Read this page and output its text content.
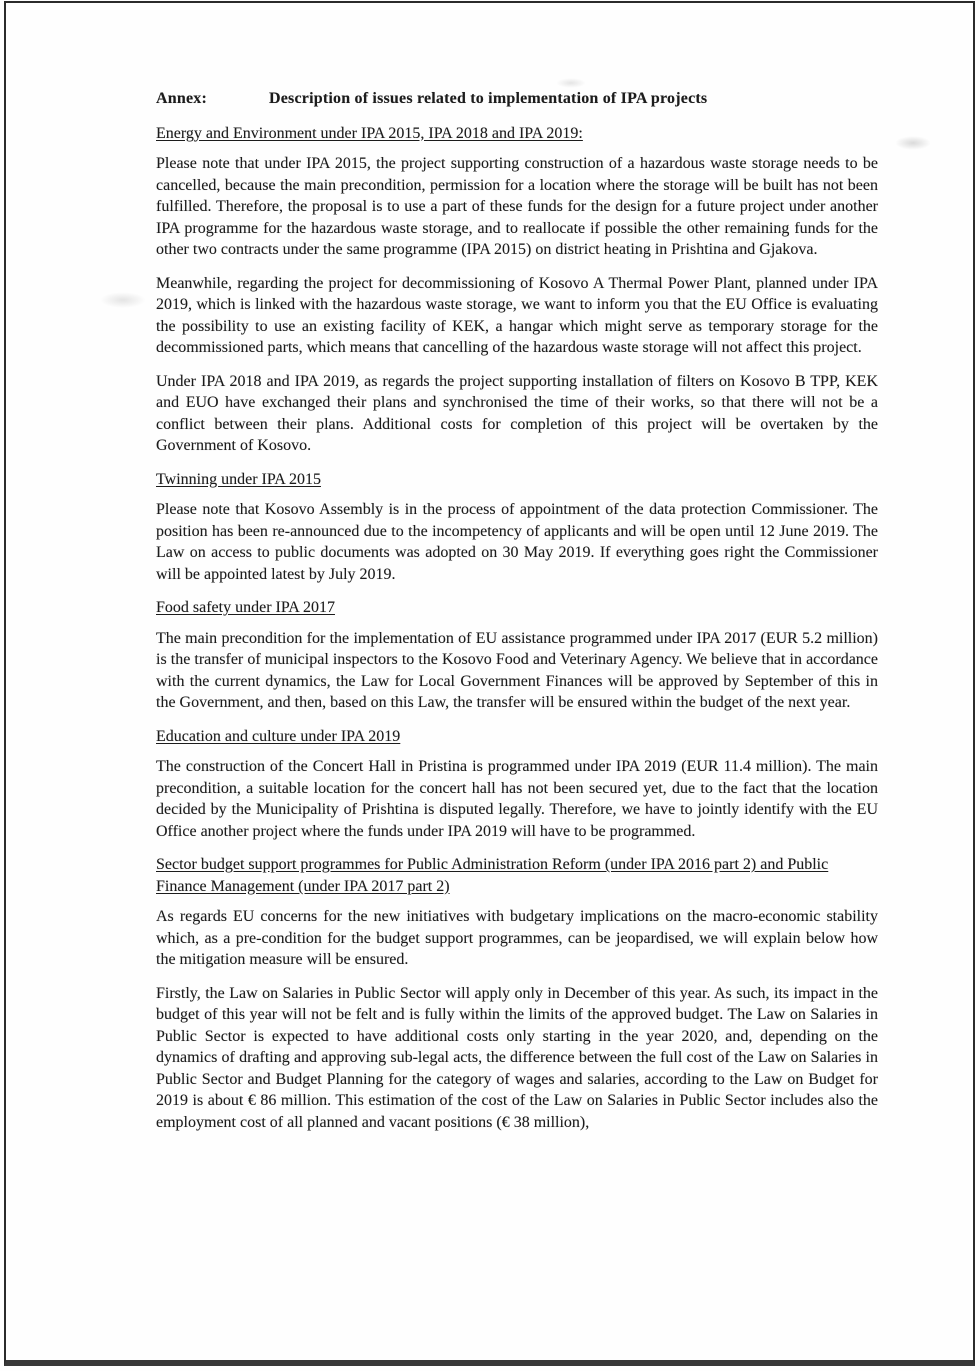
Annex:	Description of issues related to implementation of IPA projects
Energy and Environment under IPA 2015, IPA 2018 and IPA 2019:
Please note that under IPA 2015, the project supporting construction of a hazardous waste storage needs to be cancelled, because the main precondition, permission for a location where the storage will be built has not been fulfilled. Therefore, the proposal is to use a part of these funds for the design for a future project under another IPA programme for the hazardous waste storage, and to reallocate if possible the other remaining funds for the other two contracts under the same programme (IPA 2015) on district heating in Prishtina and Gjakova.
Meanwhile, regarding the project for decommissioning of Kosovo A Thermal Power Plant, planned under IPA 2019, which is linked with the hazardous waste storage, we want to inform you that the EU Office is evaluating the possibility to use an existing facility of KEK, a hangar which might serve as temporary storage for the decommissioned parts, which means that cancelling of the hazardous waste storage will not affect this project.
Under IPA 2018 and IPA 2019, as regards the project supporting installation of filters on Kosovo B TPP, KEK and EUO have exchanged their plans and synchronised the time of their works, so that there will not be a conflict between their plans. Additional costs for completion of this project will be overtaken by the Government of Kosovo.
Twinning under IPA 2015
Please note that Kosovo Assembly is in the process of appointment of the data protection Commissioner. The position has been re-announced due to the incompetency of applicants and will be open until 12 June 2019. The Law on access to public documents was adopted on 30 May 2019. If everything goes right the Commissioner will be appointed latest by July 2019.
Food safety under IPA 2017
The main precondition for the implementation of EU assistance programmed under IPA 2017 (EUR 5.2 million) is the transfer of municipal inspectors to the Kosovo Food and Veterinary Agency. We believe that in accordance with the current dynamics, the Law for Local Government Finances will be approved by September of this in the Government, and then, based on this Law, the transfer will be ensured within the budget of the next year.
Education and culture under IPA 2019
The construction of the Concert Hall in Pristina is programmed under IPA 2019 (EUR 11.4 million). The main precondition, a suitable location for the concert hall has not been secured yet, due to the fact that the location decided by the Municipality of Prishtina is disputed legally. Therefore, we have to jointly identify with the EU Office another project where the funds under IPA 2019 will have to be programmed.
Sector budget support programmes for Public Administration Reform (under IPA 2016 part 2) and Public Finance Management (under IPA 2017 part 2)
As regards EU concerns for the new initiatives with budgetary implications on the macro-economic stability which, as a pre-condition for the budget support programmes, can be jeopardised, we will explain below how the mitigation measure will be ensured.
Firstly, the Law on Salaries in Public Sector will apply only in December of this year. As such, its impact in the budget of this year will not be felt and is fully within the limits of the approved budget. The Law on Salaries in Public Sector is expected to have additional costs only starting in the year 2020, and, depending on the dynamics of drafting and approving sub-legal acts, the difference between the full cost of the Law on Salaries in Public Sector and Budget Planning for the category of wages and salaries, according to the Law on Budget for 2019 is about € 86 million. This estimation of the cost of the Law on Salaries in Public Sector includes also the employment cost of all planned and vacant positions (€ 38 million),
